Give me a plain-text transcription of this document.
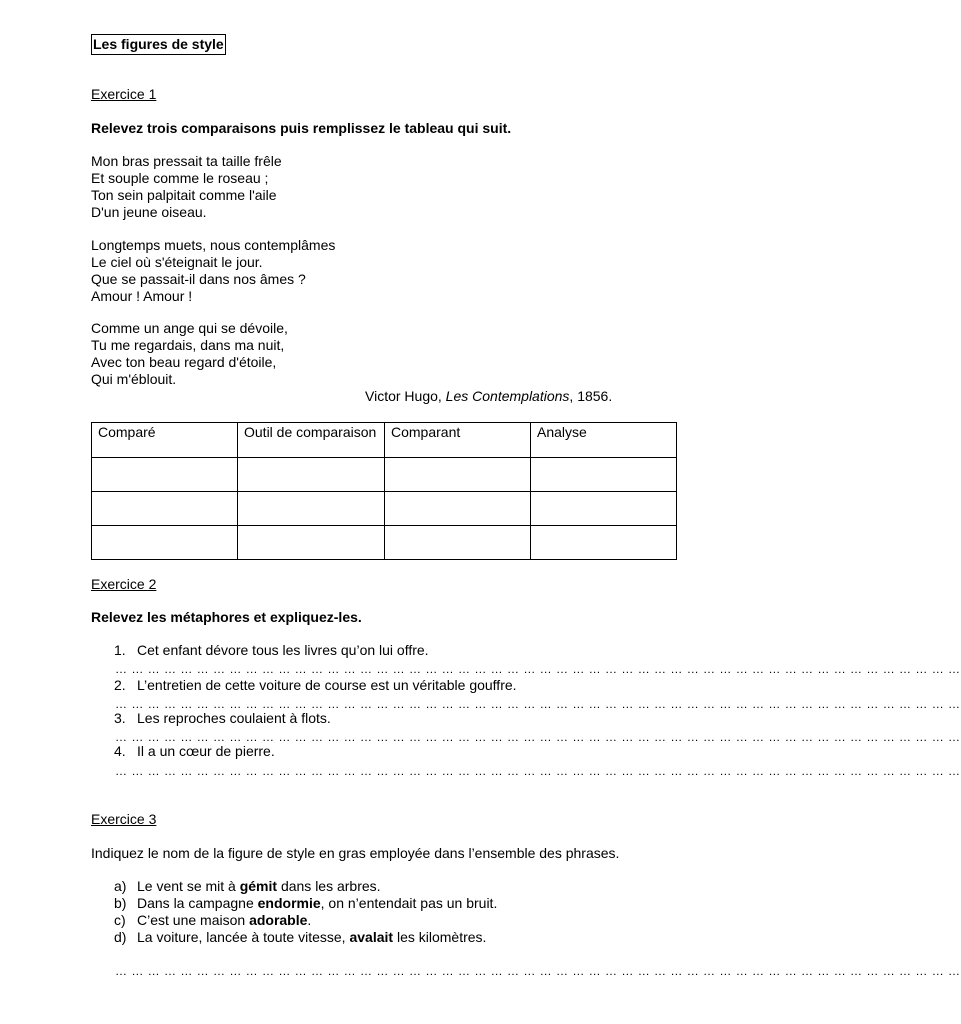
Les figures de style
Exercice 1
Relevez trois comparaisons puis remplissez le tableau qui suit.
Mon bras pressait ta taille frêle
Et souple comme le roseau ;
Ton sein palpitait comme l'aile
D'un jeune oiseau.
Longtemps muets, nous contemplâmes
Le ciel où s'éteignait le jour.
Que se passait-il dans nos âmes ?
Amour ! Amour !
Comme un ange qui se dévoile,
Tu me regardais, dans ma nuit,
Avec ton beau regard d'étoile,
Qui m'éblouit.
Victor Hugo, Les Contemplations, 1856.
Comparé	Outil de comparaison	Comparant	Analyse

Exercice 2
Relevez les métaphores et expliquez-les.
1. Cet enfant dévore tous les livres qu’on lui offre.
… … … … … … … … … … … … … … … … … … … … … … … … … … … … … … … … … … … … … … … … … … … … … … … … … … … …
2. L’entretien de cette voiture de course est un véritable gouffre.
… … … … … … … … … … … … … … … … … … … … … … … … … … … … … … … … … … … … … … … … … … … … … … … … … … … …
3. Les reproches coulaient à flots.
… … … … … … … … … … … … … … … … … … … … … … … … … … … … … … … … … … … … … … … … … … … … … … … … … … … …
4. Il a un cœur de pierre.
… … … … … … … … … … … … … … … … … … … … … … … … … … … … … … … … … … … … … … … … … … … … … … … … … … … …
Exercice 3
Indiquez le nom de la figure de style en gras employée dans l’ensemble des phrases.
a) Le vent se mit à gémit dans les arbres.
b) Dans la campagne endormie, on n’entendait pas un bruit.
c) C’est une maison adorable.
d) La voiture, lancée à toute vitesse, avalait les kilomètres.
… … … … … … … … … … … … … … … … … … … … … … … … … … … … … … … … … … … … … … … … … … … … … … … … … … … …
